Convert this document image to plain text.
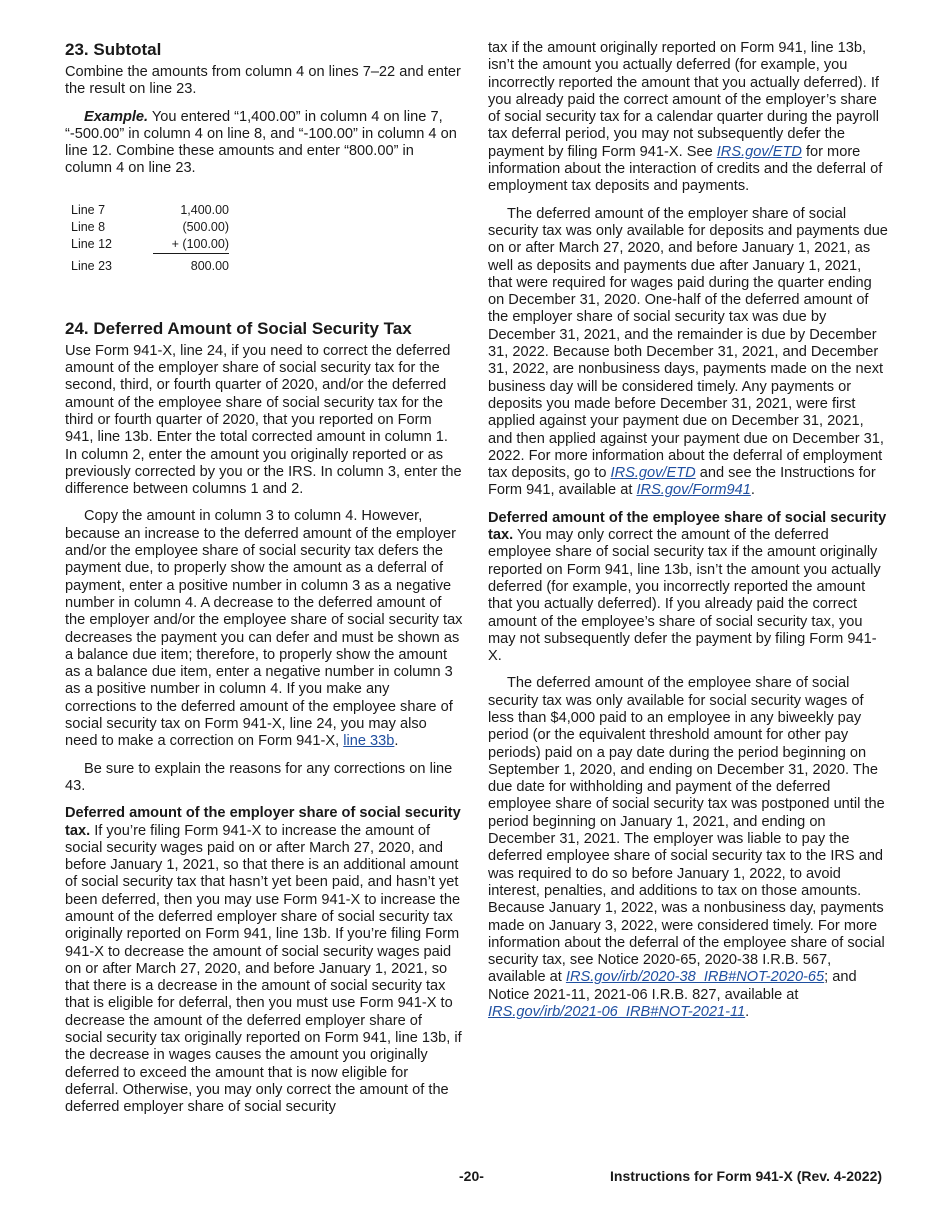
23. Subtotal

Combine the amounts from column 4 on lines 7–22 and enter the result on line 23.

Example. You entered “1,400.00” in column 4 on line 7, “-500.00” in column 4 on line 8, and “-100.00” in column 4 on line 12. Combine these amounts and enter “800.00” in column 4 on line 23.

Line 7	1,400.00
Line 8	(500.00)
Line 12	+ (100.00)
Line 23	800.00
24. Deferred Amount of Social Security Tax

Use Form 941-X, line 24, if you need to correct the deferred amount of the employer share of social security tax for the second, third, or fourth quarter of 2020, and/or the deferred amount of the employee share of social security tax for the third or fourth quarter of 2020, that you reported on Form 941, line 13b. Enter the total corrected amount in column 1. In column 2, enter the amount you originally reported or as previously corrected by you or the IRS. In column 3, enter the difference between columns 1 and 2.

Copy the amount in column 3 to column 4. However, because an increase to the deferred amount of the employer and/or the employee share of social security tax defers the payment due, to properly show the amount as a deferral of payment, enter a positive number in column 3 as a negative number in column 4. A decrease to the deferred amount of the employer and/or the employee share of social security tax decreases the payment you can defer and must be shown as a balance due item; therefore, to properly show the amount as a balance due item, enter a negative number in column 3 as a positive number in column 4. If you make any corrections to the deferred amount of the employee share of social security tax on Form 941-X, line 24, you may also need to make a correction on Form 941-X, line 33b.

Be sure to explain the reasons for any corrections on line 43.

Deferred amount of the employer share of social security tax. If you’re filing Form 941-X to increase the amount of social security wages paid on or after March 27, 2020, and before January 1, 2021, so that there is an additional amount of social security tax that hasn’t yet been paid, and hasn’t yet been deferred, then you may use Form 941-X to increase the amount of the deferred employer share of social security tax originally reported on Form 941, line 13b. If you’re filing Form 941-X to decrease the amount of social security wages paid on or after March 27, 2020, and before January 1, 2021, so that there is a decrease in the amount of social security tax that is eligible for deferral, then you must use Form 941-X to decrease the amount of the deferred employer share of social security tax originally reported on Form 941, line 13b, if the decrease in wages causes the amount you originally deferred to exceed the amount that is now eligible for deferral. Otherwise, you may only correct the amount of the deferred employer share of social security

tax if the amount originally reported on Form 941, line 13b, isn’t the amount you actually deferred (for example, you incorrectly reported the amount that you actually deferred). If you already paid the correct amount of the employer’s share of social security tax for a calendar quarter during the payroll tax deferral period, you may not subsequently defer the payment by filing Form 941-X. See IRS.gov/ETD for more information about the interaction of credits and the deferral of employment tax deposits and payments.

The deferred amount of the employer share of social security tax was only available for deposits and payments due on or after March 27, 2020, and before January 1, 2021, as well as deposits and payments due after January 1, 2021, that were required for wages paid during the quarter ending on December 31, 2020. One-half of the deferred amount of the employer share of social security tax was due by December 31, 2021, and the remainder is due by December 31, 2022. Because both December 31, 2021, and December 31, 2022, are nonbusiness days, payments made on the next business day will be considered timely. Any payments or deposits you made before December 31, 2021, were first applied against your payment due on December 31, 2021, and then applied against your payment due on December 31, 2022. For more information about the deferral of employment tax deposits, go to IRS.gov/ETD and see the Instructions for Form 941, available at IRS.gov/Form941.

Deferred amount of the employee share of social security tax. You may only correct the amount of the deferred employee share of social security tax if the amount originally reported on Form 941, line 13b, isn’t the amount you actually deferred (for example, you incorrectly reported the amount that you actually deferred). If you already paid the correct amount of the employee’s share of social security tax, you may not subsequently defer the payment by filing Form 941-X.

The deferred amount of the employee share of social security tax was only available for social security wages of less than $4,000 paid to an employee in any biweekly pay period (or the equivalent threshold amount for other pay periods) paid on a pay date during the period beginning on September 1, 2020, and ending on December 31, 2020. The due date for withholding and payment of the deferred employee share of social security tax was postponed until the period beginning on January 1, 2021, and ending on December 31, 2021. The employer was liable to pay the deferred employee share of social security tax to the IRS and was required to do so before January 1, 2022, to avoid interest, penalties, and additions to tax on those amounts. Because January 1, 2022, was a nonbusiness day, payments made on January 3, 2022, were considered timely. For more information about the deferral of the employee share of social security tax, see Notice 2020-65, 2020-38 I.R.B. 567, available at IRS.gov/irb/2020-38_IRB#NOT-2020-65; and Notice 2021-11, 2021-06 I.R.B. 827, available at IRS.gov/irb/2021-06_IRB#NOT-2021-11.

-20-	Instructions for Form 941-X (Rev. 4-2022)
